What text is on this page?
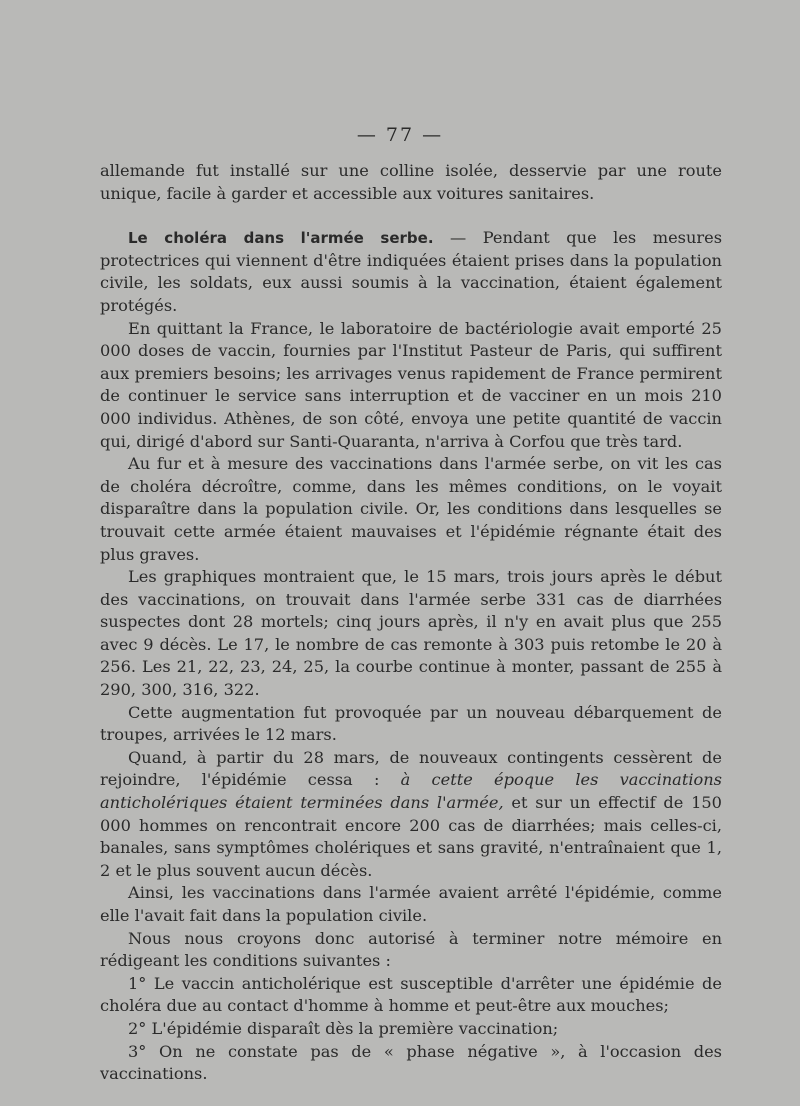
— 77 —

allemande fut installé sur une colline isolée, desservie par une route unique, facile à garder et accessible aux voitures sanitaires.

Le choléra dans l'armée serbe. — Pendant que les mesures protectrices qui viennent d'être indiquées étaient prises dans la population civile, les soldats, eux aussi soumis à la vaccination, étaient également protégés.

En quittant la France, le laboratoire de bactériologie avait emporté 25 000 doses de vaccin, fournies par l'Institut Pasteur de Paris, qui suffirent aux premiers besoins; les arrivages venus rapidement de France permirent de continuer le service sans interruption et de vacciner en un mois 210 000 individus. Athènes, de son côté, envoya une petite quantité de vaccin qui, dirigé d'abord sur Santi-Quaranta, n'arriva à Corfou que très tard.

Au fur et à mesure des vaccinations dans l'armée serbe, on vit les cas de choléra décroître, comme, dans les mêmes conditions, on le voyait disparaître dans la population civile. Or, les conditions dans lesquelles se trouvait cette armée étaient mauvaises et l'épidémie régnante était des plus graves.

Les graphiques montraient que, le 15 mars, trois jours après le début des vaccinations, on trouvait dans l'armée serbe 331 cas de diarrhées suspectes dont 28 mortels; cinq jours après, il n'y en avait plus que 255 avec 9 décès. Le 17, le nombre de cas remonte à 303 puis retombe le 20 à 256. Les 21, 22, 23, 24, 25, la courbe continue à monter, passant de 255 à 290, 300, 316, 322.

Cette augmentation fut provoquée par un nouveau débarquement de troupes, arrivées le 12 mars.

Quand, à partir du 28 mars, de nouveaux contingents cessèrent de rejoindre, l'épidémie cessa : à cette époque les vaccinations anticholériques étaient terminées dans l'armée, et sur un effectif de 150 000 hommes on rencontrait encore 200 cas de diarrhées; mais celles-ci, banales, sans symptômes cholériques et sans gravité, n'entraînaient que 1, 2 et le plus souvent aucun décès.

Ainsi, les vaccinations dans l'armée avaient arrêté l'épidémie, comme elle l'avait fait dans la population civile.

Nous nous croyons donc autorisé à terminer notre mémoire en rédigeant les conditions suivantes :

1° Le vaccin anticholérique est susceptible d'arrêter une épidémie de choléra due au contact d'homme à homme et peut-être aux mouches;

2° L'épidémie disparaît dès la première vaccination;

3° On ne constate pas de « phase négative », à l'occasion des vaccinations.
